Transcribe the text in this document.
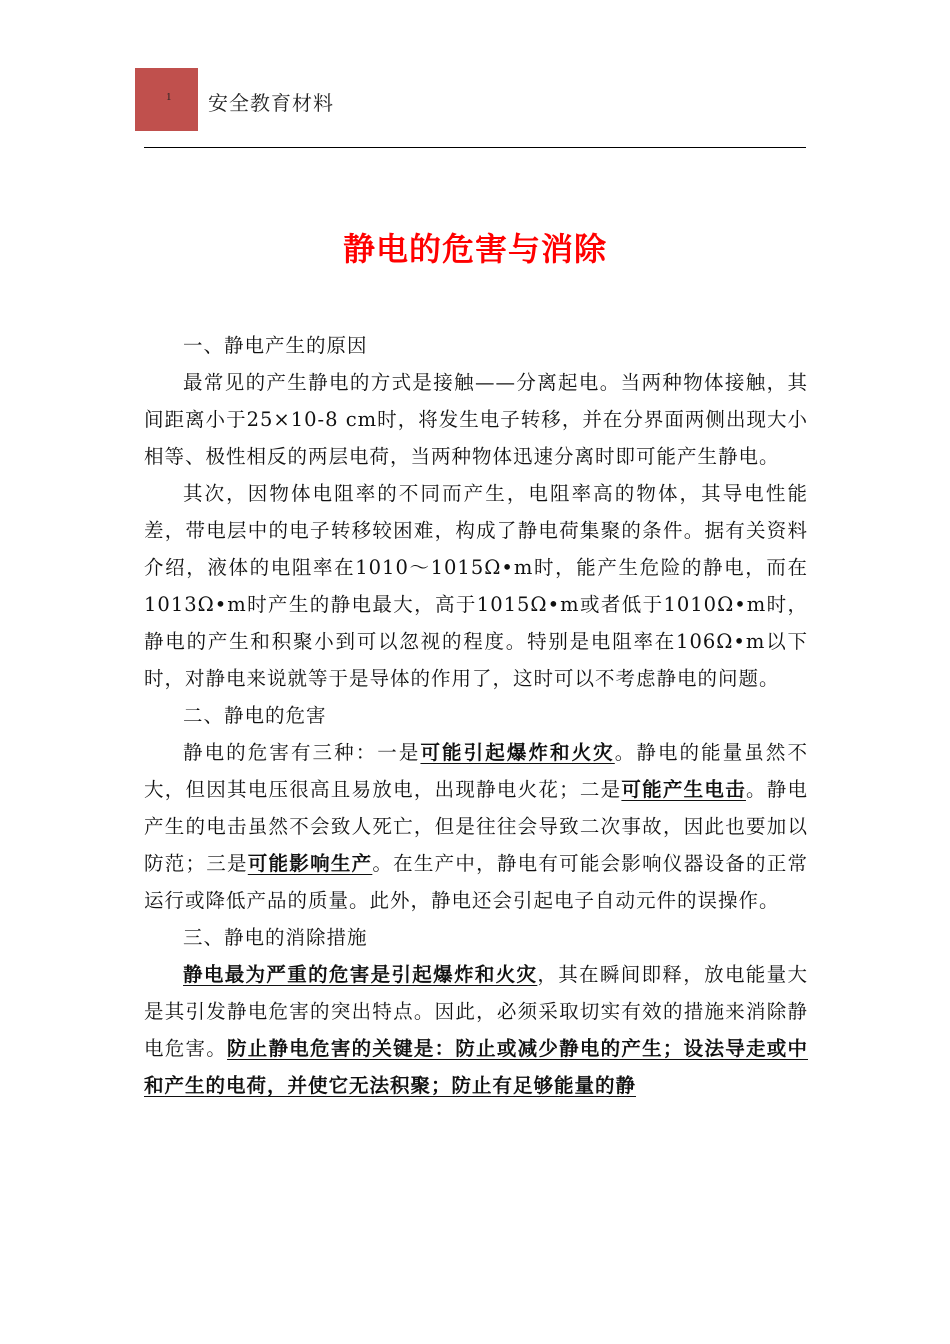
1 安全教育材料
静电的危害与消除

一、静电产生的原因

最常见的产生静电的方式是接触——分离起电。当两种物体接触，其间距离小于25×10-8 cm时，将发生电子转移，并在分界面两侧出现大小相等、极性相反的两层电荷，当两种物体迅速分离时即可能产生静电。

其次，因物体电阻率的不同而产生，电阻率高的物体，其导电性能差，带电层中的电子转移较困难，构成了静电荷集聚的条件。据有关资料介绍，液体的电阻率在1010～1015Ω•m时，能产生危险的静电，而在1013Ω•m时产生的静电最大，高于1015Ω•m或者低于1010Ω•m时，静电的产生和积聚小到可以忽视的程度。特别是电阻率在106Ω•m以下时，对静电来说就等于是导体的作用了，这时可以不考虑静电的问题。

二、静电的危害

静电的危害有三种：一是可能引起爆炸和火灾。静电的能量虽然不大，但因其电压很高且易放电，出现静电火花；二是可能产生电击。静电产生的电击虽然不会致人死亡，但是往往会导致二次事故，因此也要加以防范；三是可能影响生产。在生产中，静电有可能会影响仪器设备的正常运行或降低产品的质量。此外，静电还会引起电子自动元件的误操作。

三、静电的消除措施

静电最为严重的危害是引起爆炸和火灾，其在瞬间即释，放电能量大是其引发静电危害的突出特点。因此，必须采取切实有效的措施来消除静电危害。防止静电危害的关键是：防止或减少静电的产生；设法导走或中和产生的电荷，并使它无法积聚；防止有足够能量的静
